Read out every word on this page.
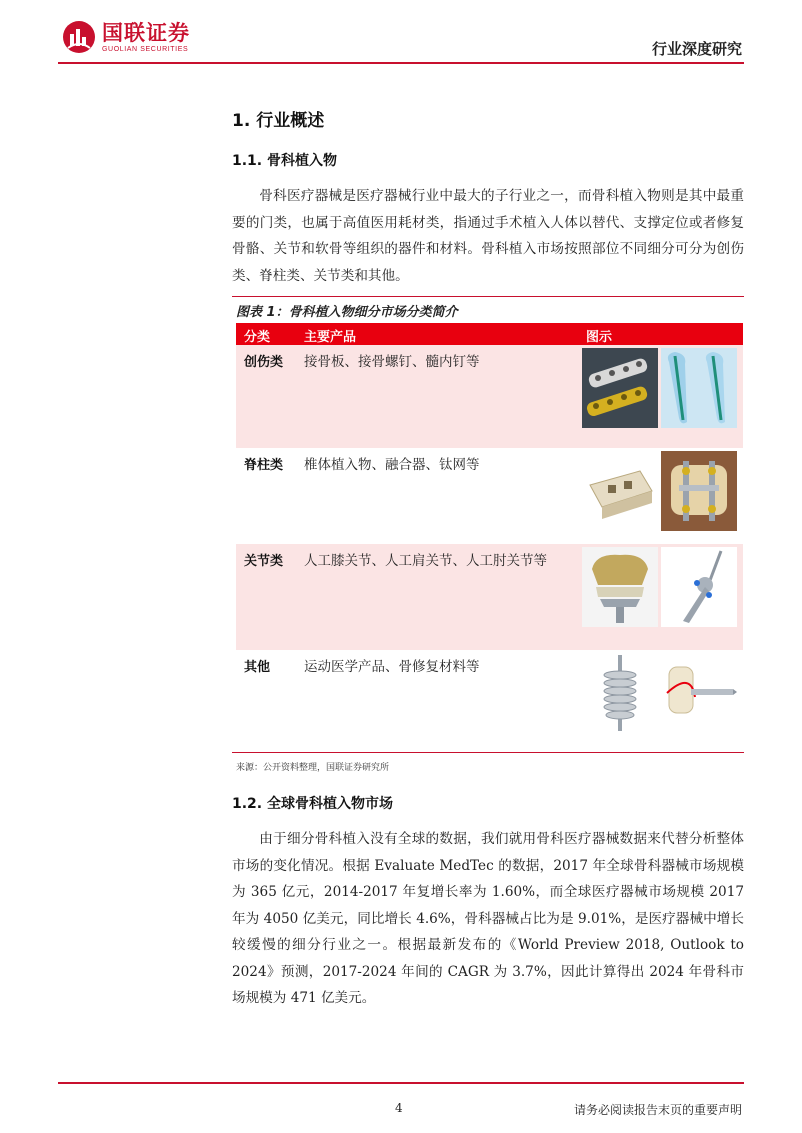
国联证券
GUOLIAN SECURITIES	行业深度研究
1. 行业概述
1.1. 骨科植入物
骨科医疗器械是医疗器械行业中最大的子行业之一，而骨科植入物则是其中最重要的门类，也属于高值医用耗材类，指通过手术植入人体以替代、支撑定位或者修复骨骼、关节和软骨等组织的器件和材料。骨科植入市场按照部位不同细分可分为创伤类、脊柱类、关节类和其他。
图表 1：骨科植入物细分市场分类简介
分类	主要产品	图示
创伤类 接骨板、接骨螺钉、髓内钉等
脊柱类 椎体植入物、融合器、钛网等
关节类 人工膝关节、人工肩关节、人工肘关节等
其他	运动医学产品、骨修复材料等
来源：公开资料整理，国联证券研究所
1.2. 全球骨科植入物市场
由于细分骨科植入没有全球的数据，我们就用骨科医疗器械数据来代替分析整体市场的变化情况。根据 Evaluate MedTec 的数据，2017 年全球骨科器械市场规模为 365 亿元，2014-2017 年复增长率为 1.60%，而全球医疗器械市场规模 2017 年为 4050 亿美元，同比增长 4.6%，骨科器械占比为是 9.01%，是医疗器械中增长较缓慢的细分行业之一。根据最新发布的《World Preview 2018, Outlook to 2024》预测，2017-2024 年间的 CAGR 为 3.7%，因此计算得出 2024 年骨科市场规模为 471 亿美元。
4	请务必阅读报告末页的重要声明
